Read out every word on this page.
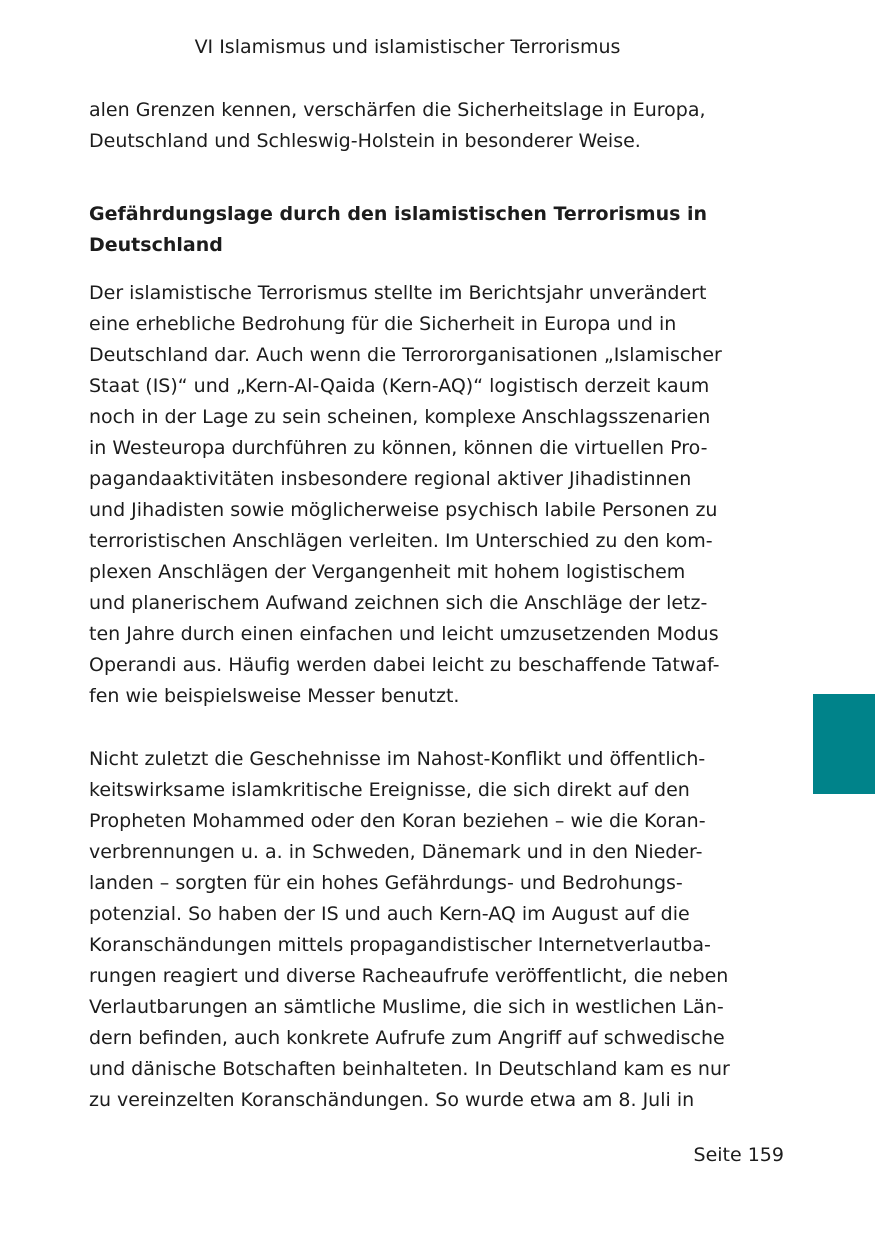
VI Islamismus und islamistischer Terrorismus

alen Grenzen kennen, verschärfen die Sicherheitslage in Europa,
Deutschland und Schleswig-Holstein in besonderer Weise.

Gefährdungslage durch den islamistischen Terrorismus in
Deutschland

Der islamistische Terrorismus stellte im Berichtsjahr unverändert
eine erhebliche Bedrohung für die Sicherheit in Europa und in
Deutschland dar. Auch wenn die Terrororganisationen „Islamischer
Staat (IS)“ und „Kern-Al-Qaida (Kern-AQ)“ logistisch derzeit kaum
noch in der Lage zu sein scheinen, komplexe Anschlagsszenarien
in Westeuropa durchführen zu können, können die virtuellen Pro-
pagandaaktivitäten insbesondere regional aktiver Jihadistinnen
und Jihadisten sowie möglicherweise psychisch labile Personen zu
terroristischen Anschlägen verleiten. Im Unterschied zu den kom-
plexen Anschlägen der Vergangenheit mit hohem logistischem
und planerischem Aufwand zeichnen sich die Anschläge der letz-
ten Jahre durch einen einfachen und leicht umzusetzenden Modus
Operandi aus. Häufig werden dabei leicht zu beschaffende Tatwaf-
fen wie beispielsweise Messer benutzt.

Nicht zuletzt die Geschehnisse im Nahost-Konflikt und öffentlich-
keitswirksame islamkritische Ereignisse, die sich direkt auf den
Propheten Mohammed oder den Koran beziehen – wie die Koran-
verbrennungen u. a. in Schweden, Dänemark und in den Nieder-
landen – sorgten für ein hohes Gefährdungs- und Bedrohungs-
potenzial. So haben der IS und auch Kern-AQ im August auf die
Koranschändungen mittels propagandistischer Internetverlautba-
rungen reagiert und diverse Racheaufrufe veröffentlicht, die neben
Verlautbarungen an sämtliche Muslime, die sich in westlichen Län-
dern befinden, auch konkrete Aufrufe zum Angriff auf schwedische
und dänische Botschaften beinhalteten. In Deutschland kam es nur
zu vereinzelten Koranschändungen. So wurde etwa am 8. Juli in

Seite 159
